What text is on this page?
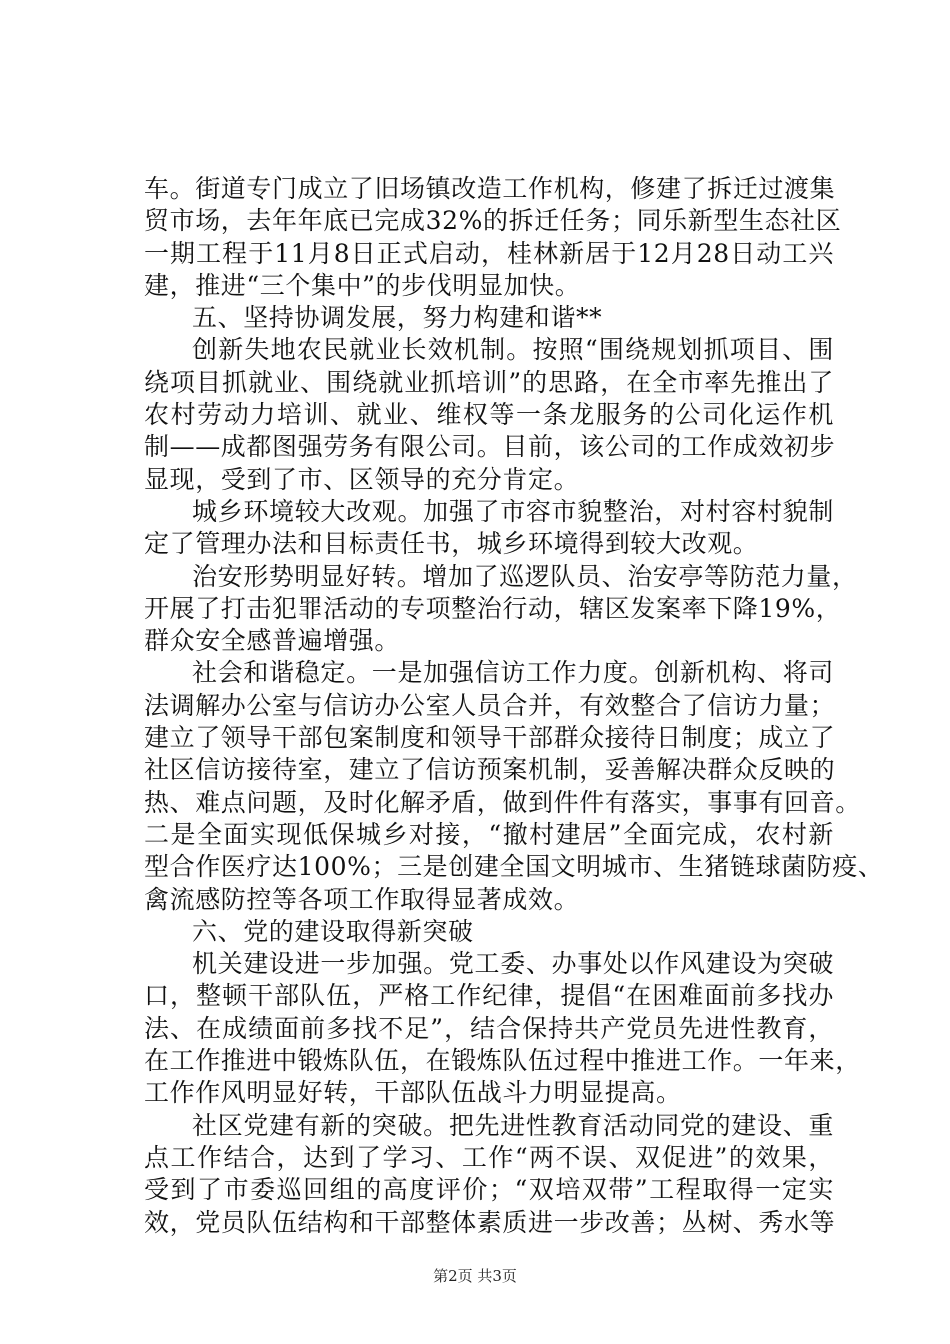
车。街道专门成立了旧场镇改造工作机构，修建了拆迁过渡集
贸市场，去年年底已完成32%的拆迁任务；同乐新型生态社区
一期工程于11月8日正式启动，桂林新居于12月28日动工兴
建，推进“三个集中”的步伐明显加快。
五、坚持协调发展，努力构建和谐**
创新失地农民就业长效机制。按照“围绕规划抓项目、围
绕项目抓就业、围绕就业抓培训”的思路，在全市率先推出了
农村劳动力培训、就业、维权等一条龙服务的公司化运作机
制——成都图强劳务有限公司。目前，该公司的工作成效初步
显现，受到了市、区领导的充分肯定。
城乡环境较大改观。加强了市容市貌整治，对村容村貌制
定了管理办法和目标责任书，城乡环境得到较大改观。
治安形势明显好转。增加了巡逻队员、治安亭等防范力量，
开展了打击犯罪活动的专项整治行动，辖区发案率下降19%，
群众安全感普遍增强。
社会和谐稳定。一是加强信访工作力度。创新机构、将司
法调解办公室与信访办公室人员合并，有效整合了信访力量；
建立了领导干部包案制度和领导干部群众接待日制度；成立了
社区信访接待室，建立了信访预案机制，妥善解决群众反映的
热、难点问题，及时化解矛盾，做到件件有落实，事事有回音。
二是全面实现低保城乡对接，“撤村建居”全面完成，农村新
型合作医疗达100%；三是创建全国文明城市、生猪链球菌防疫、
禽流感防控等各项工作取得显著成效。
六、党的建设取得新突破
机关建设进一步加强。党工委、办事处以作风建设为突破
口，整顿干部队伍，严格工作纪律，提倡“在困难面前多找办
法、在成绩面前多找不足”，结合保持共产党员先进性教育，
在工作推进中锻炼队伍，在锻炼队伍过程中推进工作。一年来，
工作作风明显好转，干部队伍战斗力明显提高。
社区党建有新的突破。把先进性教育活动同党的建设、重
点工作结合，达到了学习、工作“两不误、双促进”的效果，
受到了市委巡回组的高度评价；“双培双带”工程取得一定实
效，党员队伍结构和干部整体素质进一步改善；丛树、秀水等
第2页 共3页
